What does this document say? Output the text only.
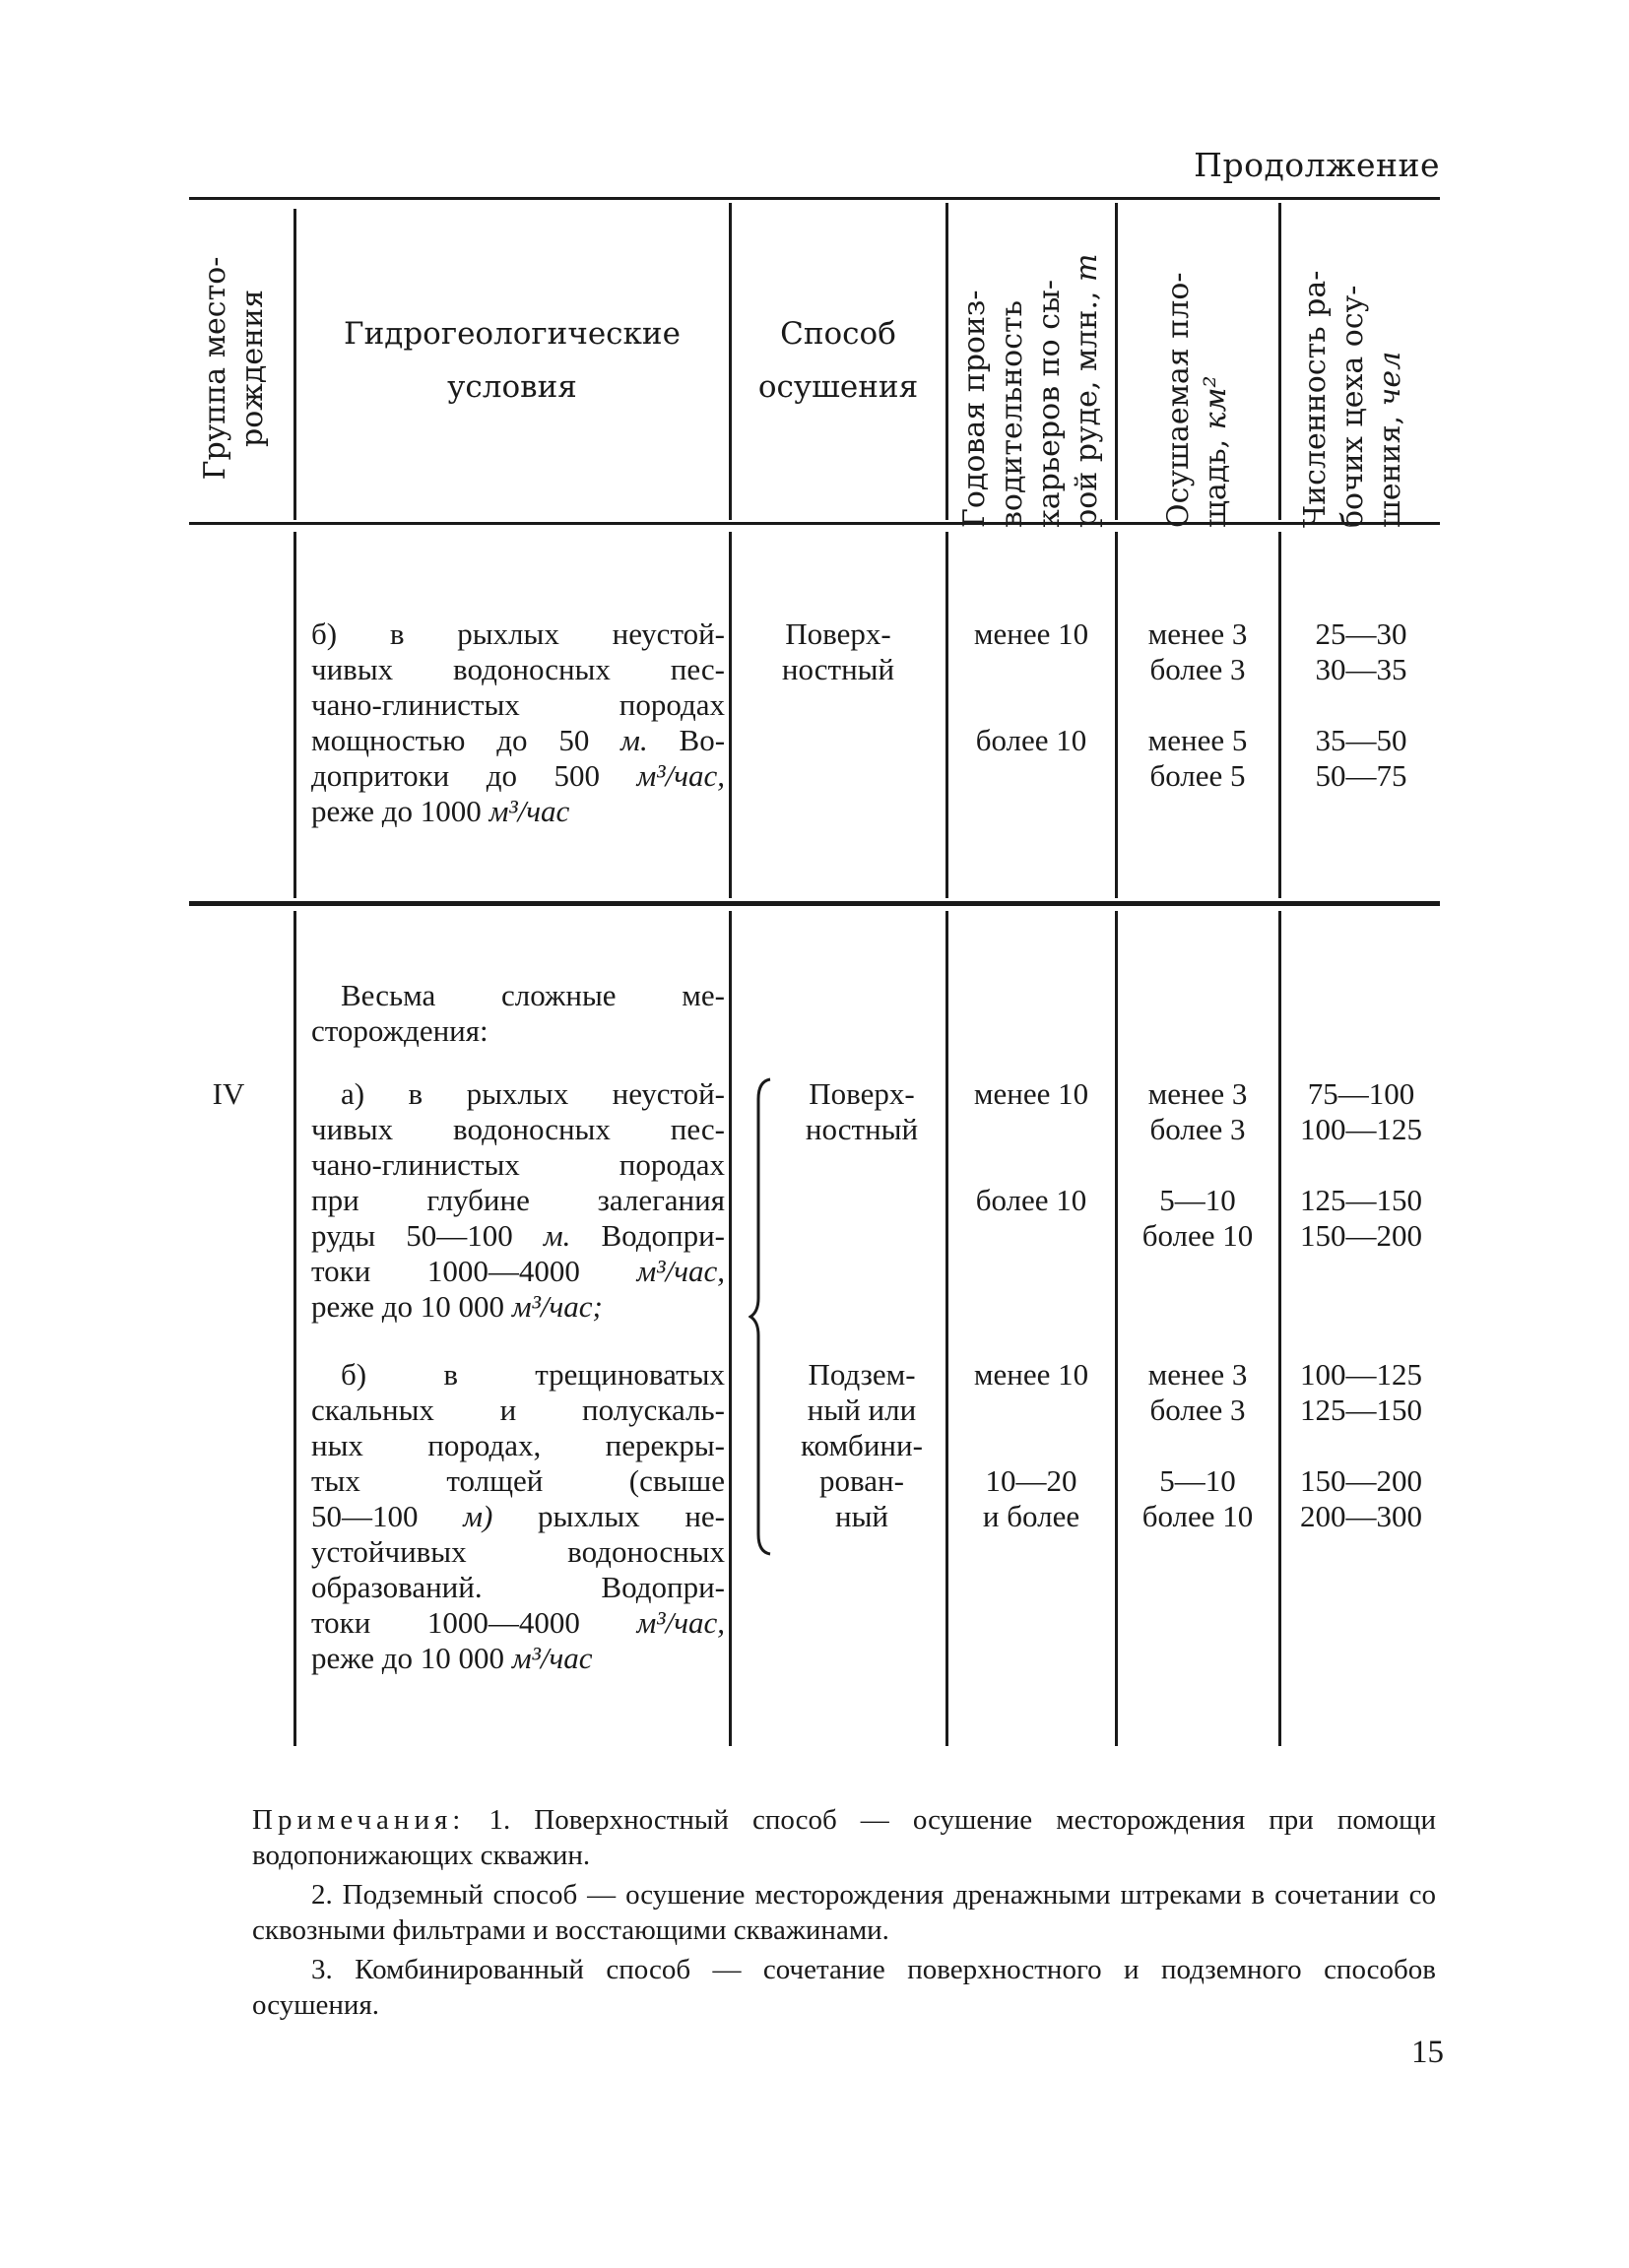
Продолжение
Группа место- рождения	Гидрогеологические
условия
Способ
осушения	Годовая произ- водительность карьеров по сы- рой руде, млн., т
Осушаемая пло- щадь, км² Численность ра- бочих цеха осу- шения, чел
б) в рыхлых неустой-
чивых водоносных пес-
чано-глинистых породах
мощностью до 50 м. Во-
допритоки до 500 м³/час,
реже до 1000 м³/час
Поверх-
ностный
менее 10
более 10
менее 3
более 3
менее 5
более 5
25—30
30—35
35—50
50—75
IV
Весьма сложные ме-
сторождения:
а) в рыхлых неустой-
чивых водоносных пес-
чано-глинистых породах
при глубине залегания
руды 50—100 м. Водопри-
токи 1000—4000 м³/час,
реже до 10 000 м³/час;
б) в трещиноватых
скальных и полускаль-
ных породах, перекры-
тых толщей (свыше
50—100 м) рыхлых не-
устойчивых водоносных
образований. Водопри-
токи 1000—4000 м³/час,
реже до 10 000 м³/час
Поверх-
ностный
Подзем-
ный или
комбини-
рован-
ный
менее 10
более 10
менее 10
10—20
и более
менее 3
более 3
5—10
более 10
менее 3
более 3
5—10
более 10
75—100
100—125
125—150
150—200
100—125
125—150
150—200
200—300

Примечания: 1. Поверхностный способ — осушение месторождения при помощи водопонижающих скважин.

2. Подземный способ — осушение месторождения дренажными штреками в сочетании со сквозными фильтрами и восстающими скважинами.

3. Комбинированный способ — сочетание поверхностного и подземного способов осушения.

15
